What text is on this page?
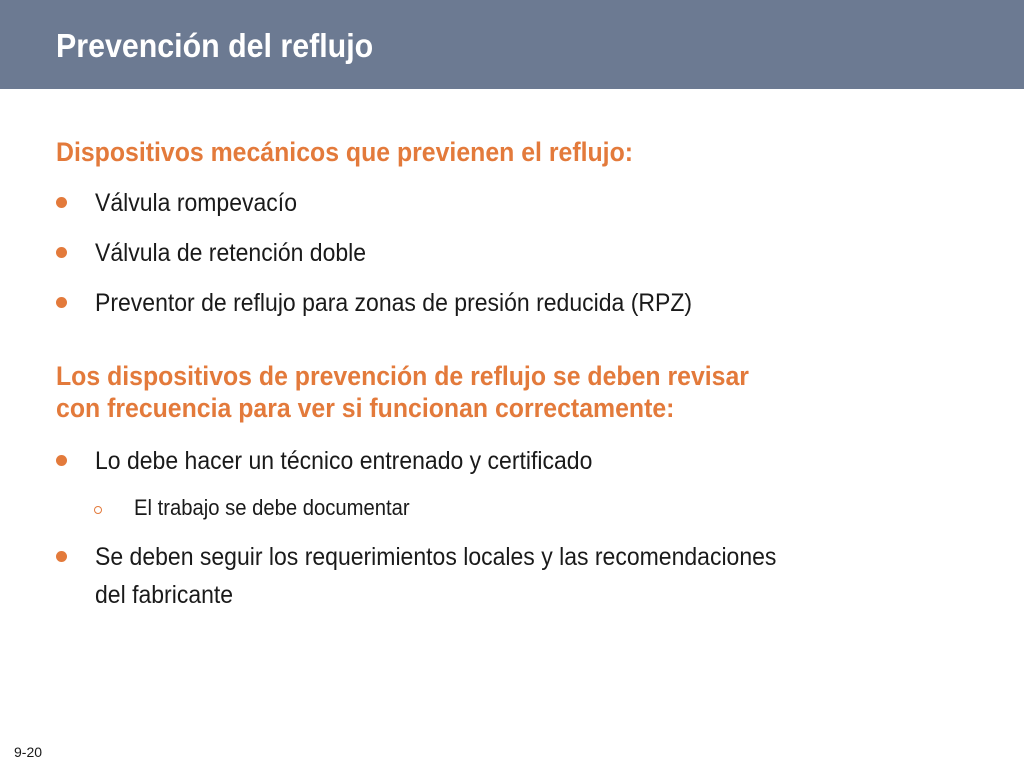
Prevención del reflujo
Dispositivos mecánicos que previenen el reflujo:
Válvula rompevacío
Válvula de retención doble
Preventor de reflujo para zonas de presión reducida (RPZ)
Los dispositivos de prevención de reflujo se deben revisar
con frecuencia para ver si funcionan correctamente:
Lo debe hacer un técnico entrenado y certificado
El trabajo se debe documentar
Se deben seguir los requerimientos locales y las recomendaciones
del fabricante
9-20
